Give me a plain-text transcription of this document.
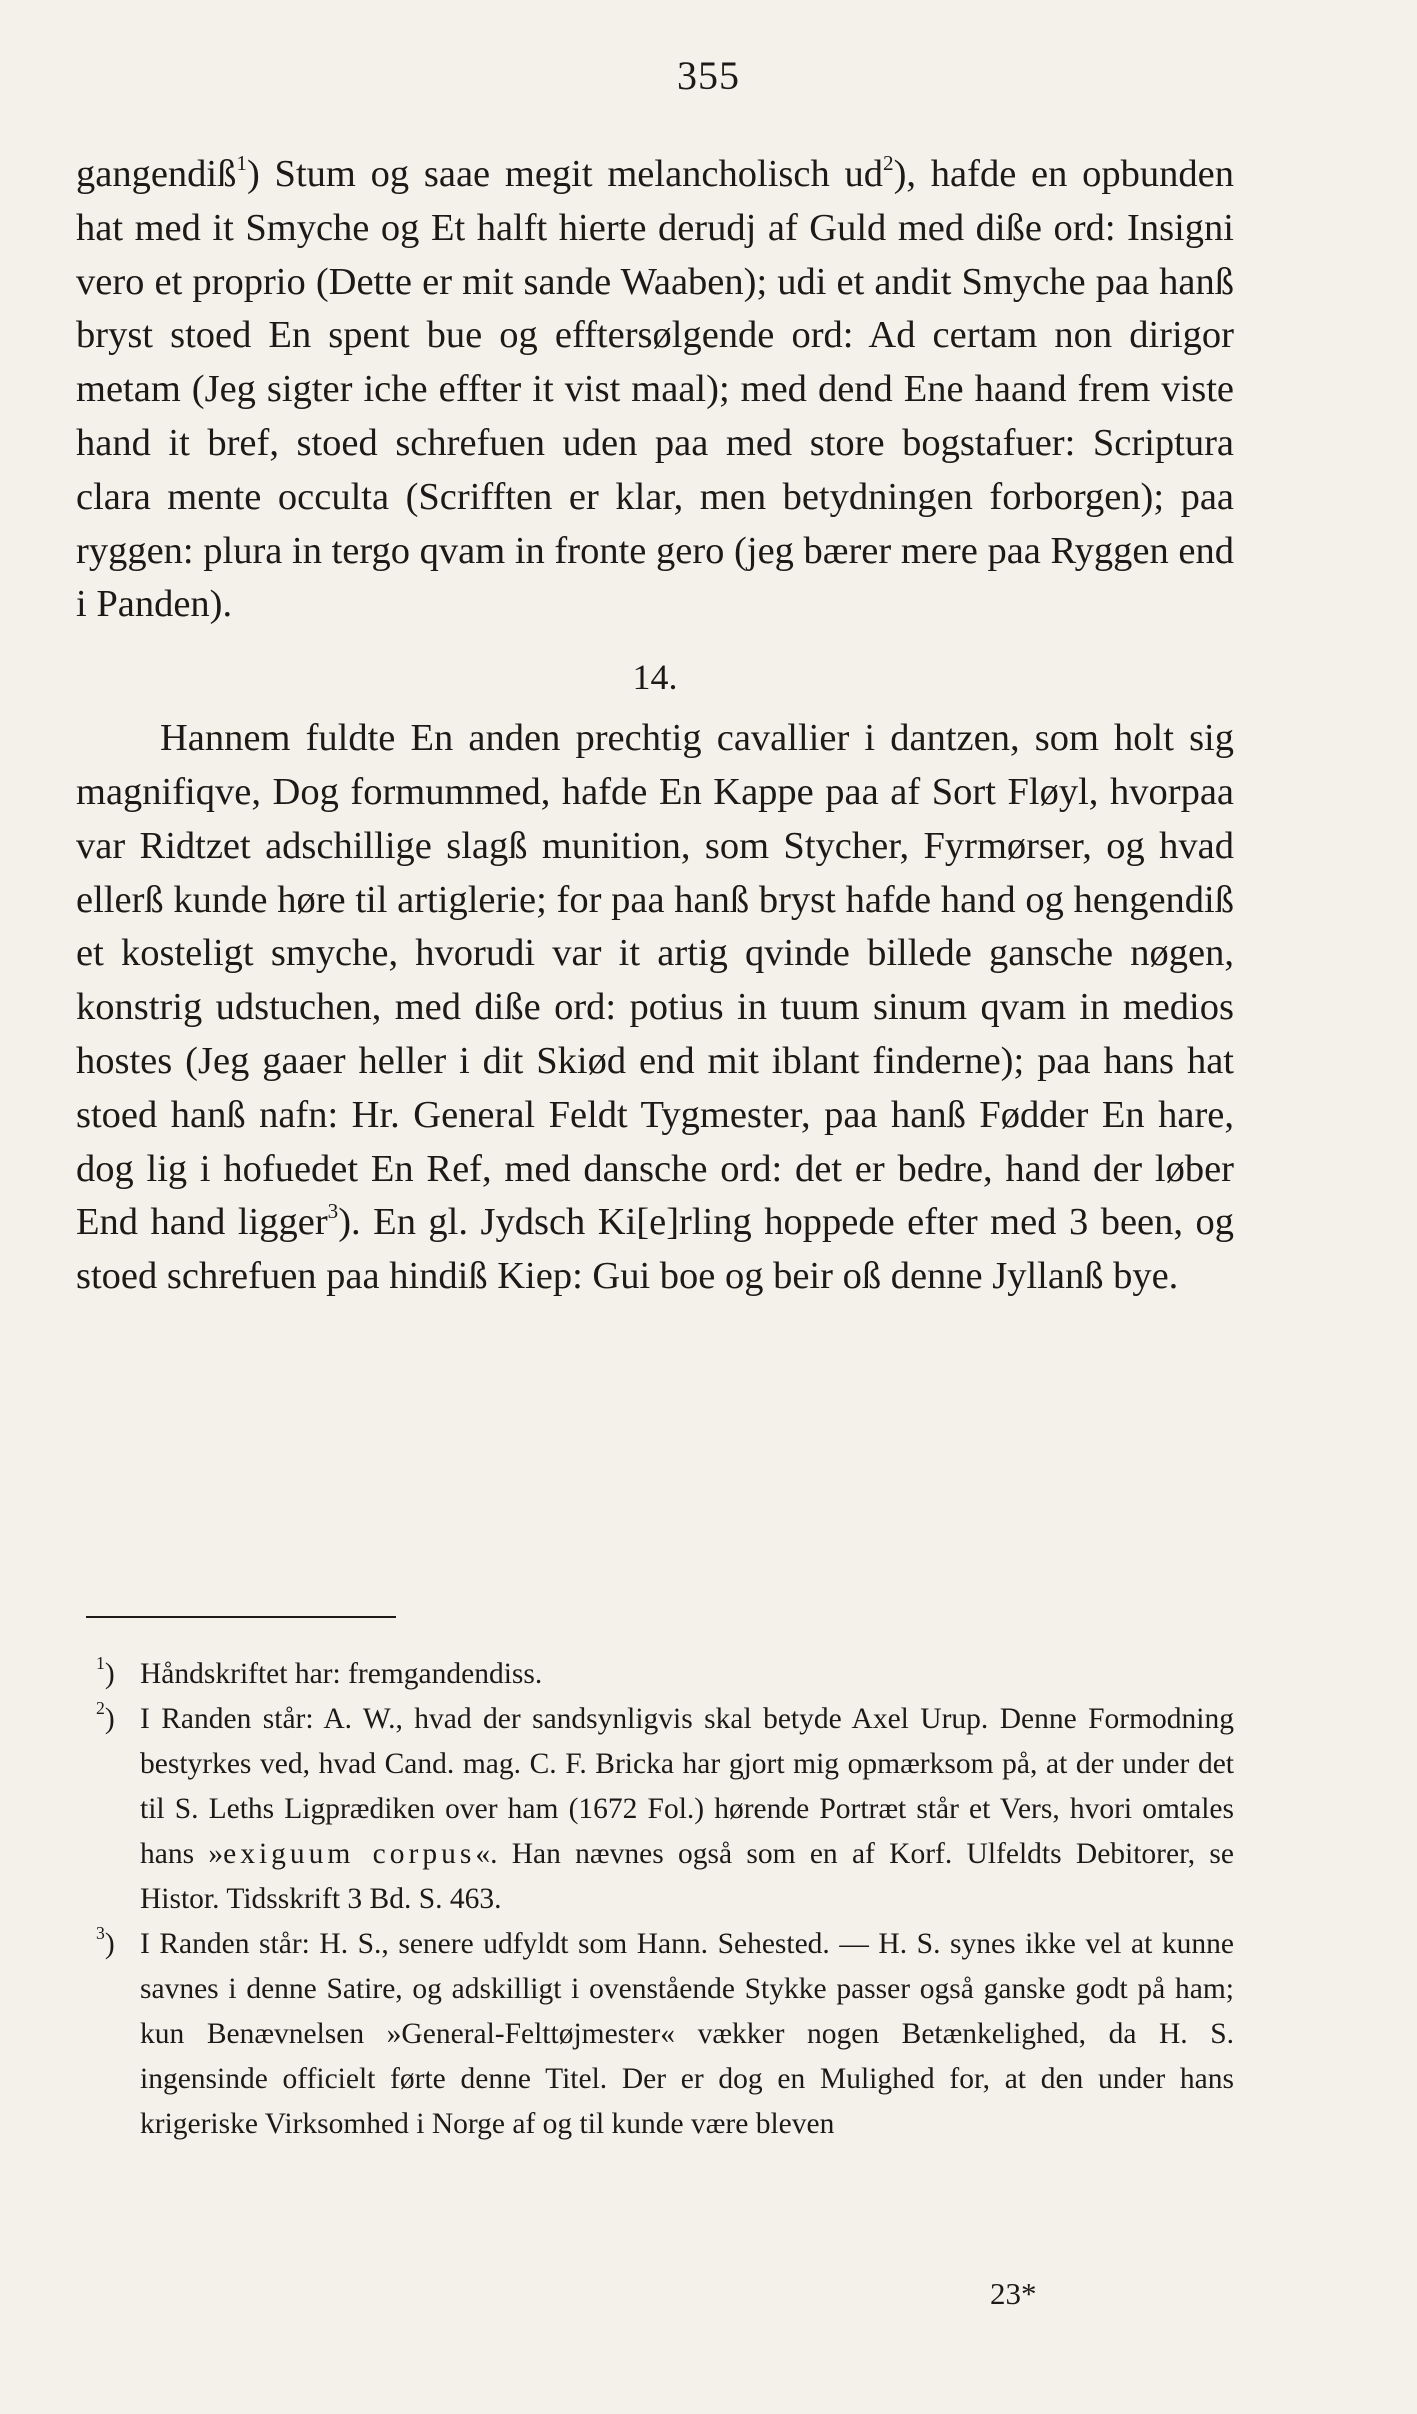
355

gangendiß$^1$) Stum og saae megit melancholisch $ud^2$), hafde en opbunden hat med it Smyche og Et halft hierte derudj af Guld med diße ord: Insigni vero et proprio (Dette er mit sande Waaben); udi et andit Smyche paa hanß bryst stoed En spent bue og efftersølgende ord: Ad certam non dirigor metam (Jeg sigter iche effter it vist maal); med dend Ene haand frem viste hand it bref, stoed schrefuen uden paa med store bogstafuer: Scriptura clara mente occulta (Scrifften er klar, men betydningen forborgen); paa ryggen: plura in tergo qvam in fronte gero (jeg bærer mere paa Ryggen end i Panden).

14.

Hannem fuldte En anden prechtig cavallier i dantzen, som holt sig magnifiqve, Dog formummed, hafde En Kappe paa af Sort Fløyl, hvorpaa var Ridtzet adschillige slagß munition, som Stycher, Fyrmørser, og hvad ellerß kunde høre til artiglerie; for paa hanß bryst hafde hand og hengendiß et kosteligt smyche, hvorudi var it artig qvinde billede gansche nøgen, konstrig udstuchen, med diße ord: potius in tuum sinum qvam in medios hostes (Jeg gaaer heller i dit Skiød end mit iblant finderne); paa hans hat stoed hanß nafn: Hr. General Feldt Tygmester, paa hanß Fødder En hare, dog lig i hofuedet En Ref, med dansche ord: det er bedre, hand der løber End hand ligger$^3$). En gl. Jydsch Ki[e]rling hoppede efter med 3 been, og stoed schrefuen paa hindiß Kiep: Gui boe og beir oß denne Jyllanß bye.

$^1$) Håndskriftet har: fremgandendiss.
$^2$) I Randen står: A. W., hvad der sandsynligvis skal betyde Axel Urup. Denne Formodning bestyrkes ved, hvad Cand. mag. C. F. Bricka har gjort mig opmærksom på, at der under det til S. Leths Ligprædiken over ham (1672 Fol.) hørende Portræt står et Vers, hvori omtales hans »exiguum corpus«. Han nævnes også som en af Korf. Ulfeldts Debitorer, se Histor. Tidsskrift 3 Bd. S. 463.
$^3$) I Randen står: H. S., senere udfyldt som Hann. Sehested. — H. S. synes ikke vel at kunne savnes i denne Satire, og adskilligt i ovenstående Stykke passer også ganske godt på ham; kun Benævnelsen »General-Felttøjmester« vækker nogen Betænkelighed, da H. S. ingensinde officielt førte denne Titel. Der er dog en Mulighed for, at den under hans krigeriske Virksomhed i Norge af og til kunde være bleven
23*
